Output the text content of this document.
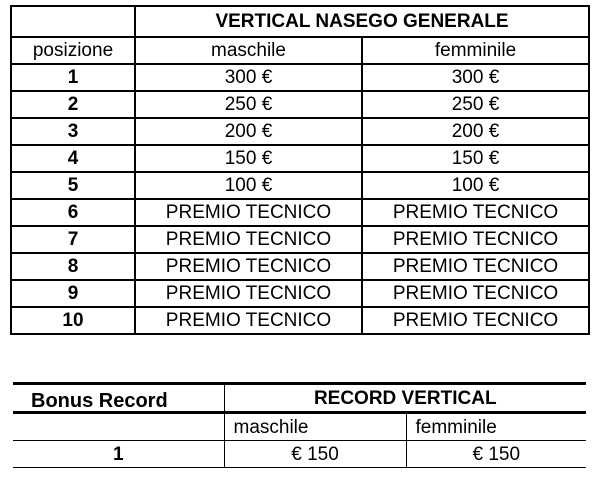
	VERTICAL NASEGO GENERALE	
posizione	maschile	femminile
1	300 €	300 €
2	250 €	250 €
3	200 €	200 €
4	150 €	150 €
5	100 €	100 €
6	PREMIO TECNICO	PREMIO TECNICO
7	PREMIO TECNICO	PREMIO TECNICO
8	PREMIO TECNICO	PREMIO TECNICO
9	PREMIO TECNICO	PREMIO TECNICO
10	PREMIO TECNICO	PREMIO TECNICO
Bonus Record	RECORD VERTICAL	
	maschile	femminile
1	€ 150	€ 150
